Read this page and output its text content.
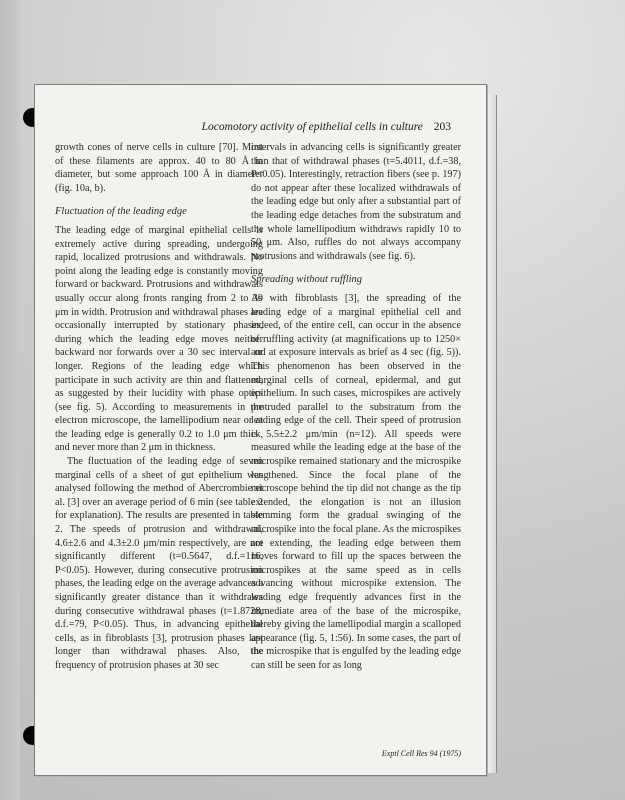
Locomotory activity of epithelial cells in culture 203

growth cones of nerve cells in culture [70]. Most of these filaments are approx. 40 to 80 Å in diameter, but some approach 100 Å in diameter (fig. 10a, b).

Fluctuation of the leading edge

The leading edge of marginal epithelial cells is extremely active during spreading, undergoing rapid, localized protrusions and withdrawals. No point along the leading edge is constantly moving forward or backward. Protrusions and withdrawals usually occur along fronts ranging from 2 to 30 μm in width. Protrusion and withdrawal phases are occasionally interrupted by stationary phases, during which the leading edge moves neither backward nor forwards over a 30 sec interval or longer. Regions of the leading edge which participate in such activity are thin and flattened, as suggested by their lucidity with phase optics (see fig. 5). According to measurements in the electron microscope, the lamellipodium near or at the leading edge is generally 0.2 to 1.0 μm thick, and never more than 2 μm in thickness.

The fluctuation of the leading edge of seven marginal cells of a sheet of gut epithelium was analysed following the method of Abercrombie et al. [3] over an average period of 6 min (see table 2 for explanation). The results are presented in table 2. The speeds of protrusion and withdrawal, 4.6±2.6 and 4.3±2.0 μm/min respectively, are not significantly different (t=0.5647, d.f.=116, P<0.05). However, during consecutive protrusion phases, the leading edge on the average advances a significantly greater distance than it withdraws during consecutive withdrawal phases (t=1.8728, d.f.=79, P<0.05). Thus, in advancing epithelial cells, as in fibroblasts [3], protrusion phases last longer than withdrawal phases. Also, the frequency of protrusion phases at 30 sec

intervals in advancing cells is significantly greater than that of withdrawal phases (t=5.4011, d.f.=38, P<0.05). Interestingly, retraction fibers (see p. 197) do not appear after these localized withdrawals of the leading edge but only after a substantial part of the leading edge detaches from the substratum and the whole lamellipodium withdraws rapidly 10 to 50 μm. Also, ruffles do not always accompany protrusions and withdrawals (see fig. 6).

Spreading without ruffling

As with fibroblasts [3], the spreading of the leading edge of a marginal epithelial cell and indeed, of the entire cell, can occur in the absence of ruffling activity (at magnifications up to 1250× and at exposure intervals as brief as 4 sec (fig. 5)). This phenomenon has been observed in the marginal cells of corneal, epidermal, and gut epithelium. In such cases, microspikes are actively protruded parallel to the substratum from the leading edge of the cell. Their speed of protrusion is 5.5±2.2 μm/min (n=12). All speeds were measured while the leading edge at the base of the microspike remained stationary and the microspike lengthened. Since the focal plane of the microscope behind the tip did not change as the tip extended, the elongation is not an illusion stemming form the gradual swinging of the microspike into the focal plane. As the microspikes are extending, the leading edge between them moves forward to fill up the spaces between the microspikes at the same speed as in cells advancing without microspike extension. The leading edge frequently advances first in the immediate area of the base of the microspike, thereby giving the lamellipodial margin a scalloped appearance (fig. 5, 1:56). In some cases, the part of the microspike that is engulfed by the leading edge can still be seen for as long

Exptl Cell Res 94 (1975)
